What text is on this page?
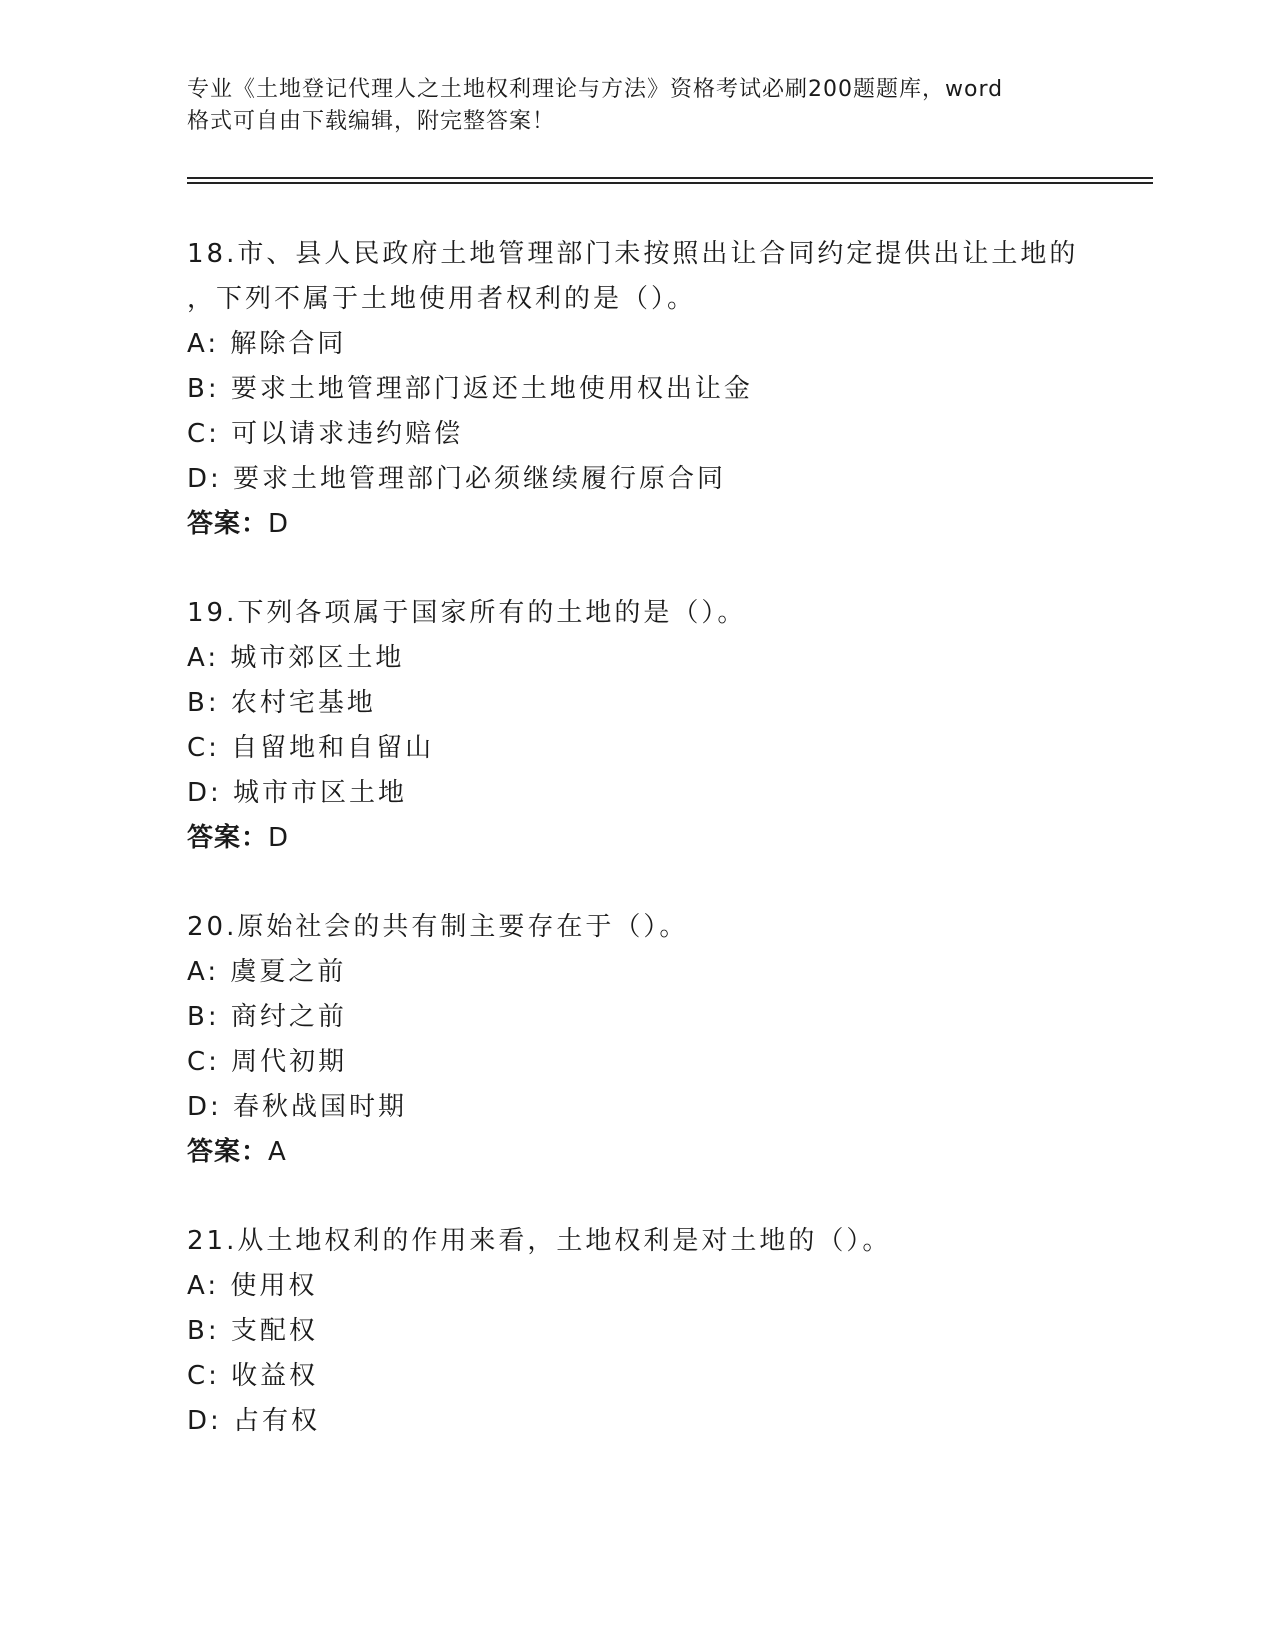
专业《土地登记代理人之土地权利理论与方法》资格考试必刷200题题库，word
格式可自由下载编辑，附完整答案！
18.市、县人民政府土地管理部门未按照出让合同约定提供出让土地的
，下列不属于土地使用者权利的是（）。
A: 解除合同
B: 要求土地管理部门返还土地使用权出让金
C: 可以请求违约赔偿
D: 要求土地管理部门必须继续履行原合同
答案：D
19.下列各项属于国家所有的土地的是（）。
A: 城市郊区土地
B: 农村宅基地
C: 自留地和自留山
D: 城市市区土地
答案：D
20.原始社会的共有制主要存在于（）。
A: 虞夏之前
B: 商纣之前
C: 周代初期
D: 春秋战国时期
答案：A
21.从土地权利的作用来看，土地权利是对土地的（）。
A: 使用权
B: 支配权
C: 收益权
D: 占有权
